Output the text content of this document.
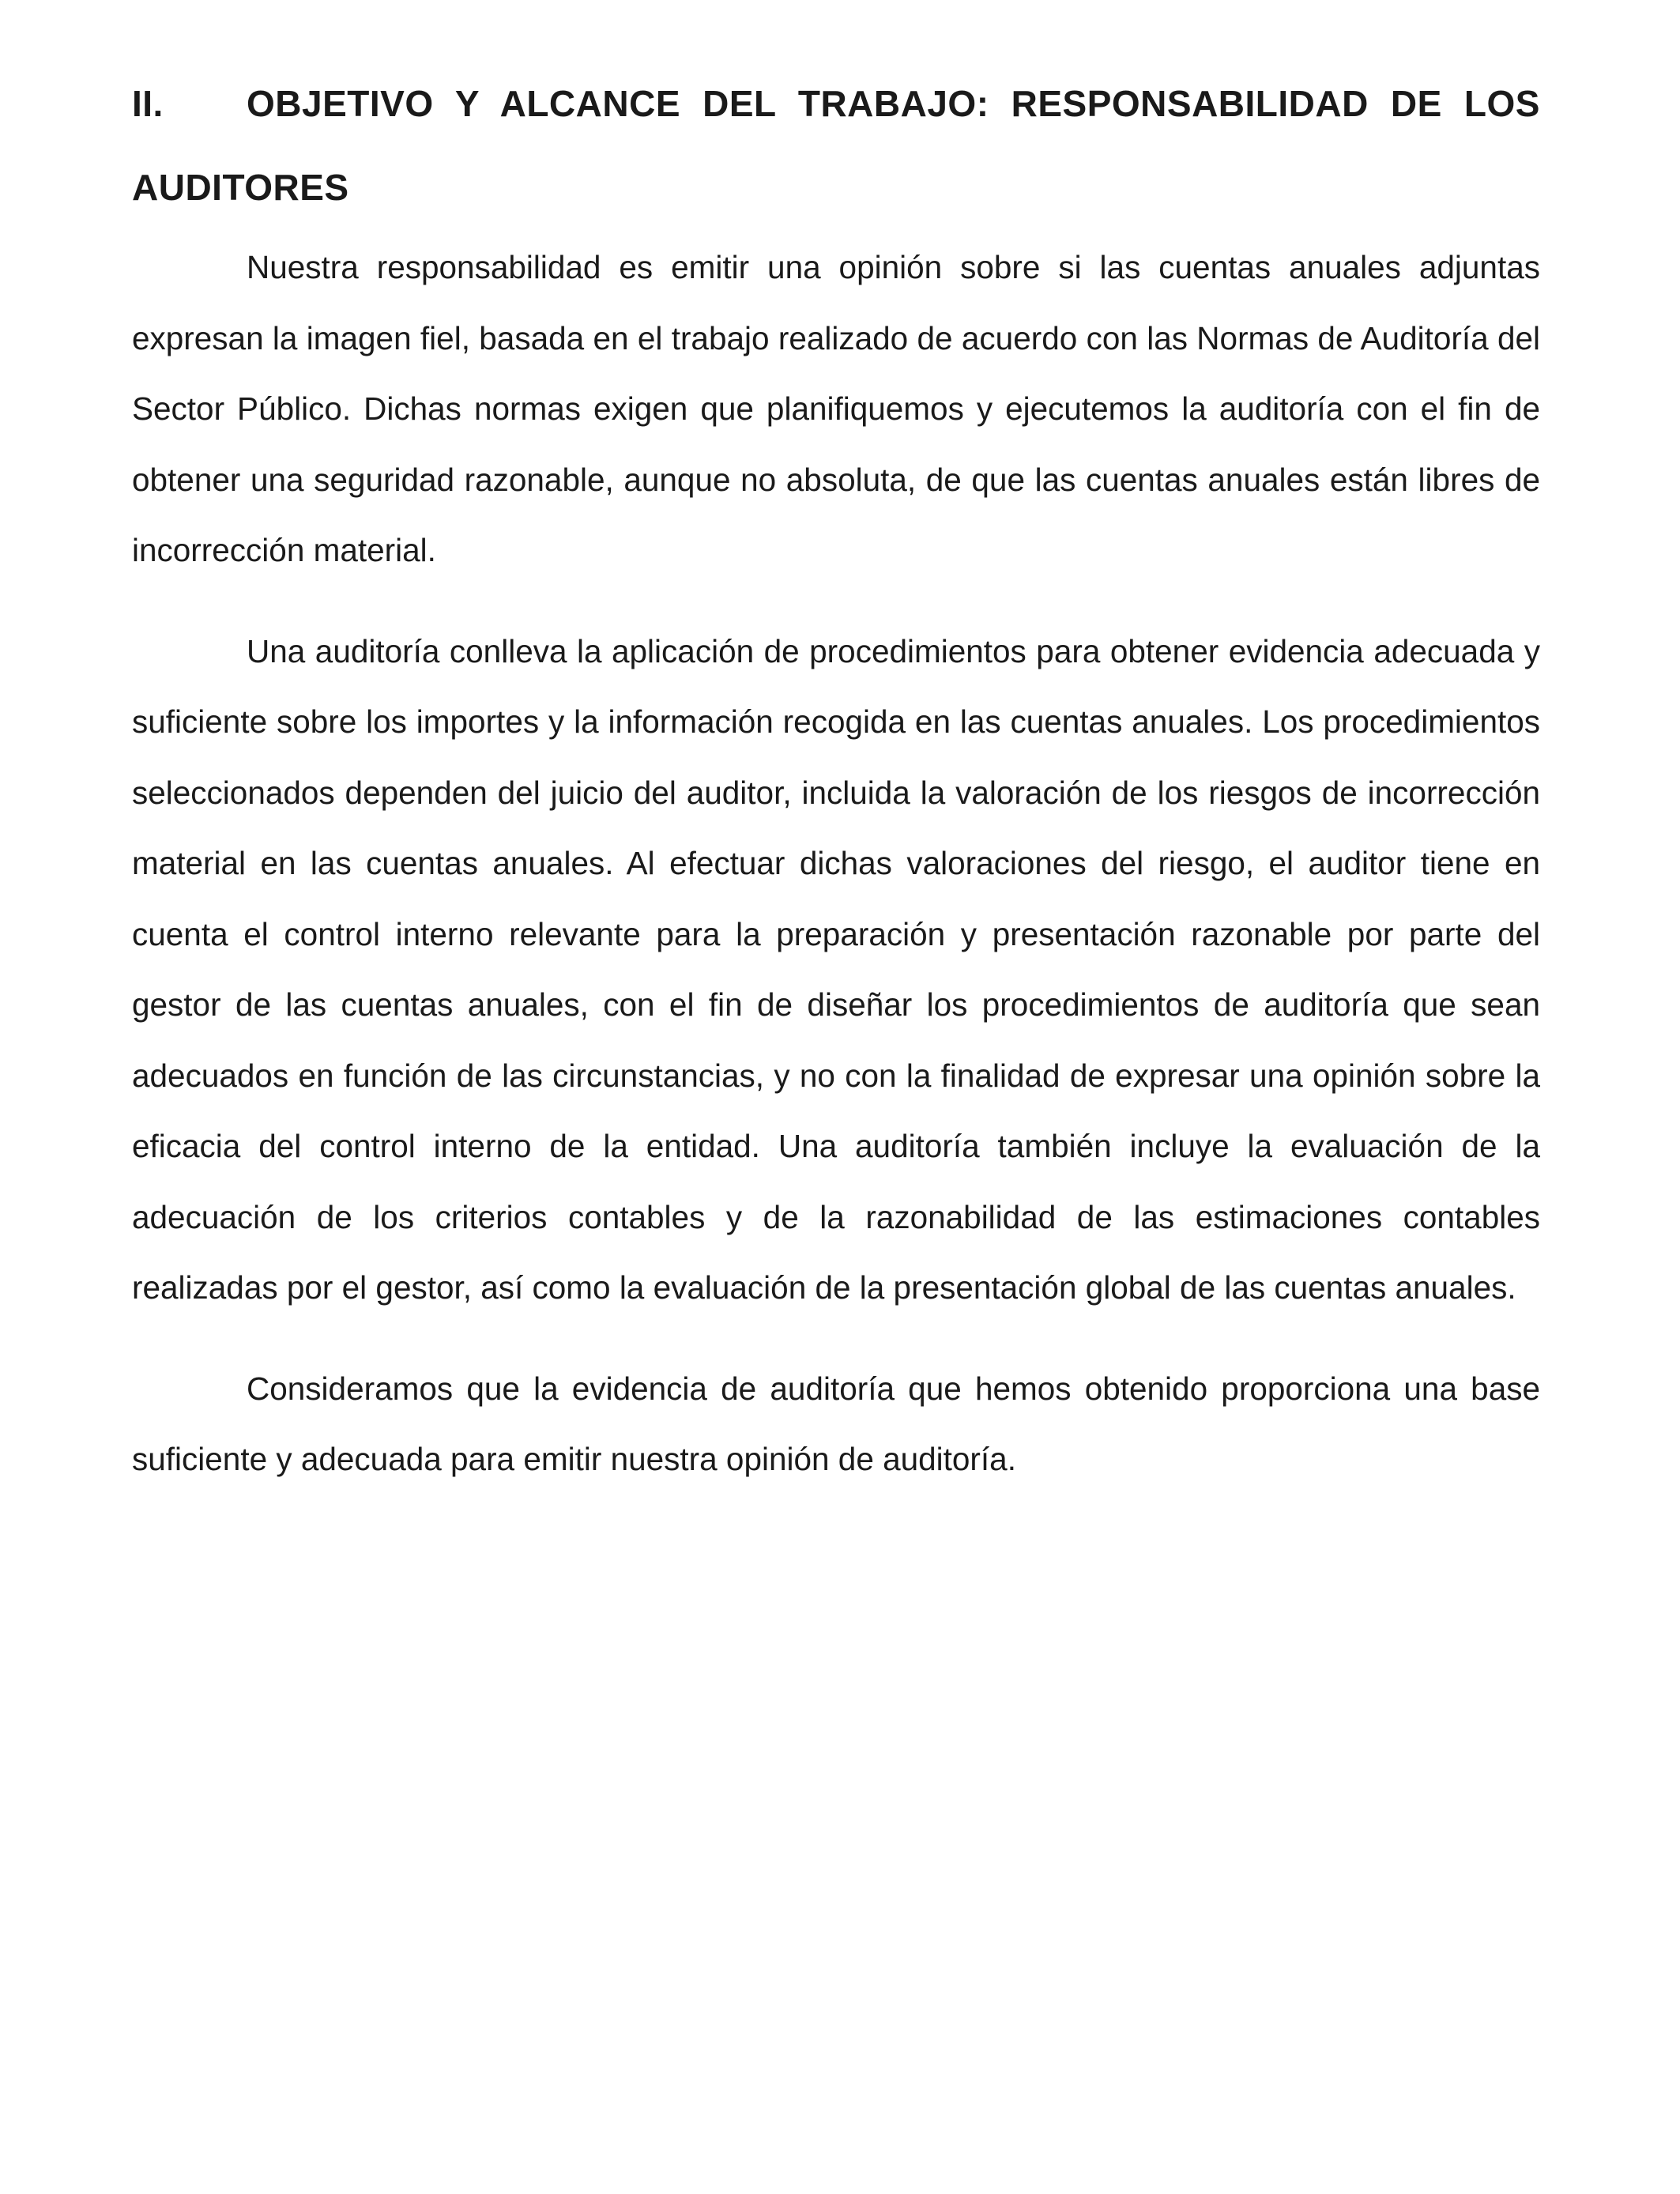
II. OBJETIVO Y ALCANCE DEL TRABAJO: RESPONSABILIDAD DE LOS AUDITORES

Nuestra responsabilidad es emitir una opinión sobre si las cuentas anuales adjuntas expresan la imagen fiel, basada en el trabajo realizado de acuerdo con las Normas de Auditoría del Sector Público. Dichas normas exigen que planifiquemos y ejecutemos la auditoría con el fin de obtener una seguridad razonable, aunque no absoluta, de que las cuentas anuales están libres de incorrección material.

Una auditoría conlleva la aplicación de procedimientos para obtener evidencia adecuada y suficiente sobre los importes y la información recogida en las cuentas anuales. Los procedimientos seleccionados dependen del juicio del auditor, incluida la valoración de los riesgos de incorrección material en las cuentas anuales. Al efectuar dichas valoraciones del riesgo, el auditor tiene en cuenta el control interno relevante para la preparación y presentación razonable por parte del gestor de las cuentas anuales, con el fin de diseñar los procedimientos de auditoría que sean adecuados en función de las circunstancias, y no con la finalidad de expresar una opinión sobre la eficacia del control interno de la entidad. Una auditoría también incluye la evaluación de la adecuación de los criterios contables y de la razonabilidad de las estimaciones contables realizadas por el gestor, así como la evaluación de la presentación global de las cuentas anuales.

Consideramos que la evidencia de auditoría que hemos obtenido proporciona una base suficiente y adecuada para emitir nuestra opinión de auditoría.
